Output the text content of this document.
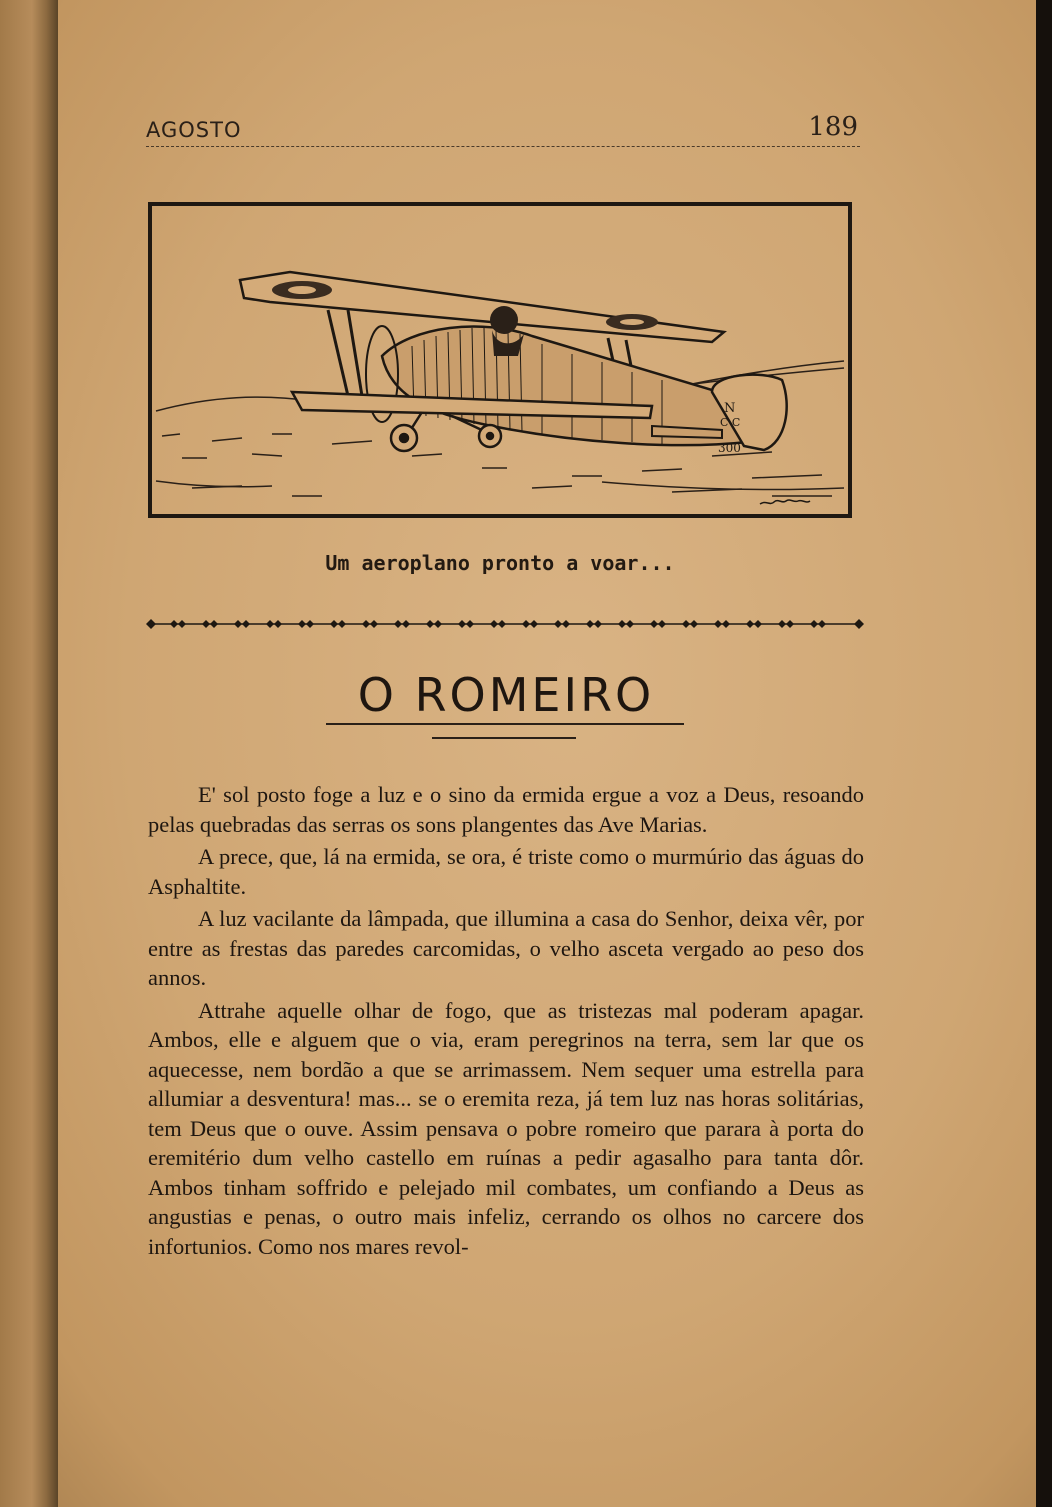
AGOSTO	189
N
C C
300
Um aeroplano pronto a voar...
O ROMEIRO

E' sol posto foge a luz e o sino da ermida ergue a voz a Deus, resoando pelas quebradas das serras os sons plangentes das Ave Marias.

A prece, que, lá na ermida, se ora, é triste como o murmúrio das águas do Asphaltite.

A luz vacilante da lâmpada, que illumina a casa do Senhor, deixa vêr, por entre as frestas das paredes carcomidas, o velho asceta vergado ao peso dos annos.

Attrahe aquelle olhar de fogo, que as tristezas mal poderam apagar. Ambos, elle e alguem que o via, eram peregrinos na terra, sem lar que os aquecesse, nem bordão a que se arrimassem. Nem sequer uma estrella para allumiar a desventura! mas... se o eremita reza, já tem luz nas horas solitárias, tem Deus que o ouve. Assim pensava o pobre romeiro que parara à porta do eremitério dum velho castello em ruínas a pedir agasalho para tanta dôr. Ambos tinham soffrido e pelejado mil combates, um confiando a Deus as angustias e penas, o outro mais infeliz, cerrando os olhos no carcere dos infortunios. Como nos mares revol-
